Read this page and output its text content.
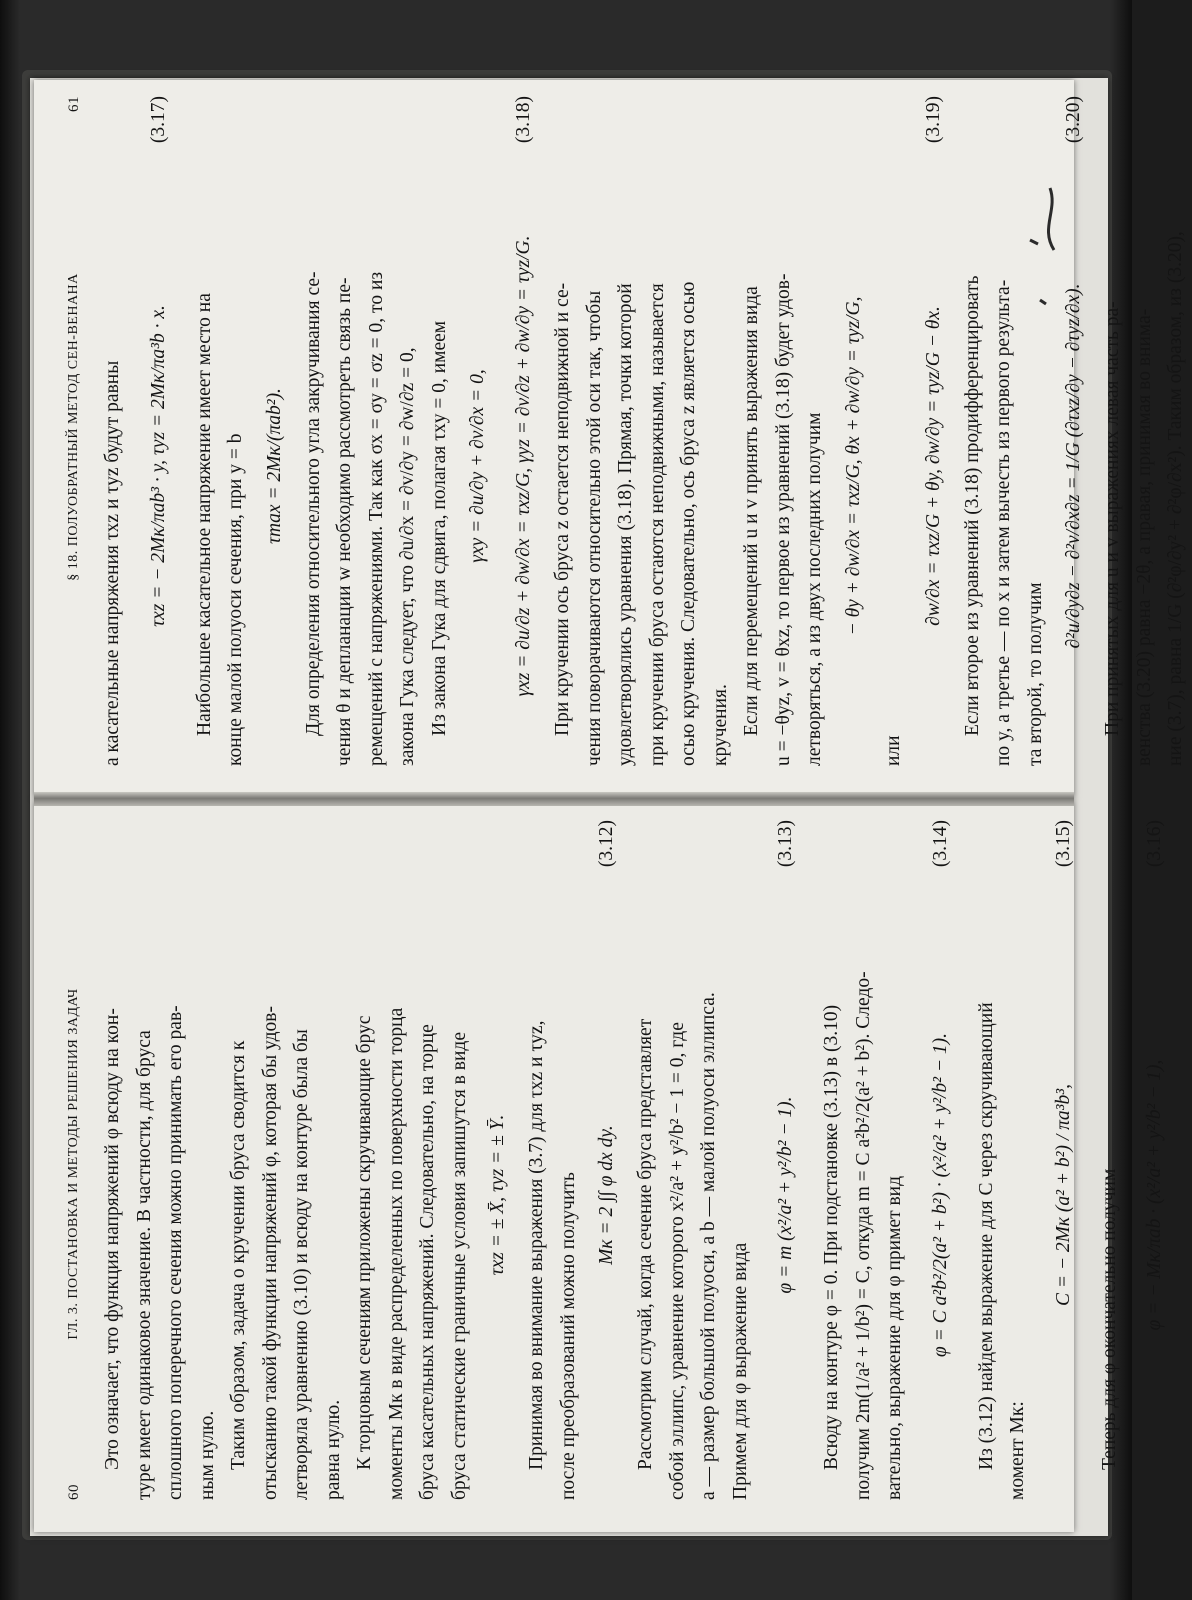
60
ГЛ. 3. ПОСТАНОВКА И МЕТОДЫ РЕШЕНИЯ ЗАДАЧ Это означает, что функция напряжений φ всюду на кон- туре имеет одинаковое значение. В частности, для бруса сплошного поперечного сечения можно принимать его рав- ным нулю. Таким образом, задача о кручении бруса сводится к отысканию такой функции напряжений φ, которая бы удов- летворяла уравнению (3.10) и всюду на контуре была бы равна нулю. К торцовым сечениям приложены скручивающие брус моменты Mк в виде распределенных по поверхности торца бруса касательных напряжений. Следовательно, на торце бруса статические граничные условия запишутся в виде τxz = ± X̄, τyz = ± Ȳ. Принимая во внимание выражения (3.7) для τxz и τyz, после преобразований можно получить Mк = 2 ∫∫ φ dx dy.
(3.12)
Рассмотрим случай, когда сечение бруса представляет собой эллипс, уравнение которого x²/a² + y²/b² − 1 = 0, где a — размер большой полуоси, а b — малой полуоси эллипса. Примем для φ выражение вида
φ = m (x²/a² + y²/b² − 1).
(3.13)
Всюду на контуре φ = 0. При подстановке (3.13) в (3.10) получим 2m(1/a² + 1/b²) = C, откуда m = C a²b²/2(a² + b²). Следо- вательно, выражение для φ примет вид φ = C a²b²/2(a² + b²) · (x²/a² + y²/b² − 1).
(3.14)
Из (3.12) найдем выражение для C через скручивающий момент Mк:
C = − 2Mк (a² + b²) / πa³b³,
(3.15)
Теперь для φ окончательно получим φ = − Mк/πab · (x²/a² + y²/b² − 1),
(3.16)
§ 18. ПОЛУОБРАТНЫЙ МЕТОД СЕН-ВЕНАНА
61
а касательные напряжения τxz и τyz будут равны τxz = − 2Mк/πab³ · y, τyz = 2Mк/πa³b · x.
(3.17)
Наибольшее касательное напряжение имеет место на конце малой полуоси сечения, при y = b τmax = 2Mк/(πab²). Для определения относительного угла закручивания се- чения θ и депланации w необходимо рассмотреть связь пе- ремещений с напряжениями. Так как σx = σy = σz = 0, то из закона Гука следует, что ∂u/∂x = ∂v/∂y = ∂w/∂z = 0, Из закона Гука для сдвига, полагая τxy = 0, имеем γxy = ∂u/∂y + ∂v/∂x = 0, γxz = ∂u/∂z + ∂w/∂x = τxz/G, γyz = ∂v/∂z + ∂w/∂y = τyz/G.
(3.18)
При кручении ось бруса z остается неподвижной и се- чения поворачиваются относительно этой оси так, чтобы удовлетворялись уравнения (3.18). Прямая, точки которой при кручении бруса остаются неподвижными, называется осью кручения. Следовательно, ось бруса z является осью кручения. Если для перемещений u и v принять выражения вида u = −θyz, v = θxz, то первое из уравнений (3.18) будет удов- летворяться, а из двух последних получим − θy + ∂w/∂x = τxz/G, θx + ∂w/∂y = τyz/G,
или
∂w/∂x = τxz/G + θy, ∂w/∂y = τyz/G − θx.
(3.19)
Если второе из уравнений (3.18) продифференцировать по y, а третье — по x и затем вычесть из первого результа- та второй, то получим
∂²u/∂y∂z − ∂²v/∂x∂z = 1/G (∂τxz/∂y − ∂τyz/∂x).
(3.20)
При принятых для u и v выражениях левая часть ра- венства (3.20) равна −2θ, а правая, принимая во внима- ние (3.7), равна 1/G (∂²φ/∂y² + ∂²φ/∂x²). Таким образом, из (3.20),
